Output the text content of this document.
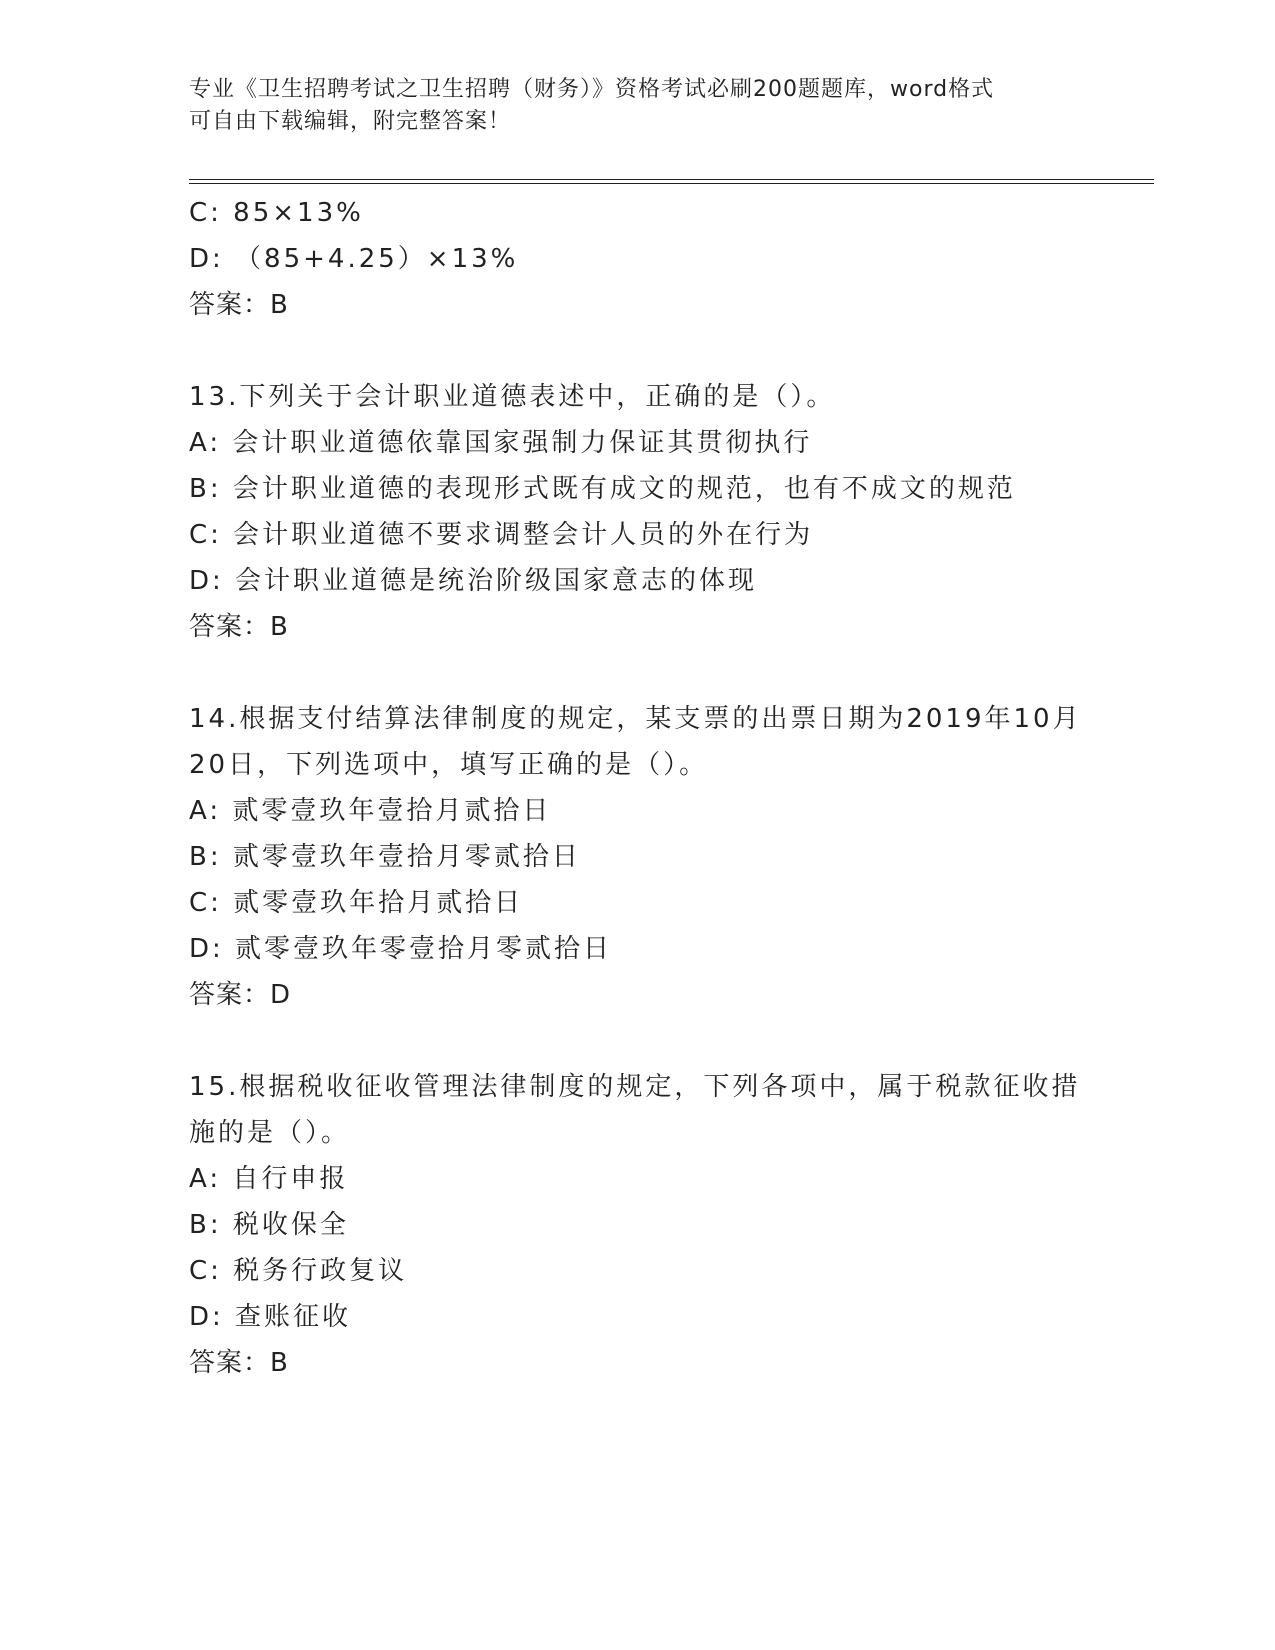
专业《卫生招聘考试之卫生招聘（财务）》资格考试必刷200题题库，word格式
可自由下载编辑，附完整答案！
C: 85×13%
D: （85+4.25）×13%
答案：B
13.下列关于会计职业道德表述中，正确的是（）。
A: 会计职业道德依靠国家强制力保证其贯彻执行
B: 会计职业道德的表现形式既有成文的规范，也有不成文的规范
C: 会计职业道德不要求调整会计人员的外在行为
D: 会计职业道德是统治阶级国家意志的体现
答案：B
14.根据支付结算法律制度的规定，某支票的出票日期为2019年10月
20日，下列选项中，填写正确的是（）。
A: 贰零壹玖年壹拾月贰拾日
B: 贰零壹玖年壹拾月零贰拾日
C: 贰零壹玖年拾月贰拾日
D: 贰零壹玖年零壹拾月零贰拾日
答案：D
15.根据税收征收管理法律制度的规定，下列各项中，属于税款征收措
施的是（）。
A: 自行申报
B: 税收保全
C: 税务行政复议
D: 查账征收
答案：B
